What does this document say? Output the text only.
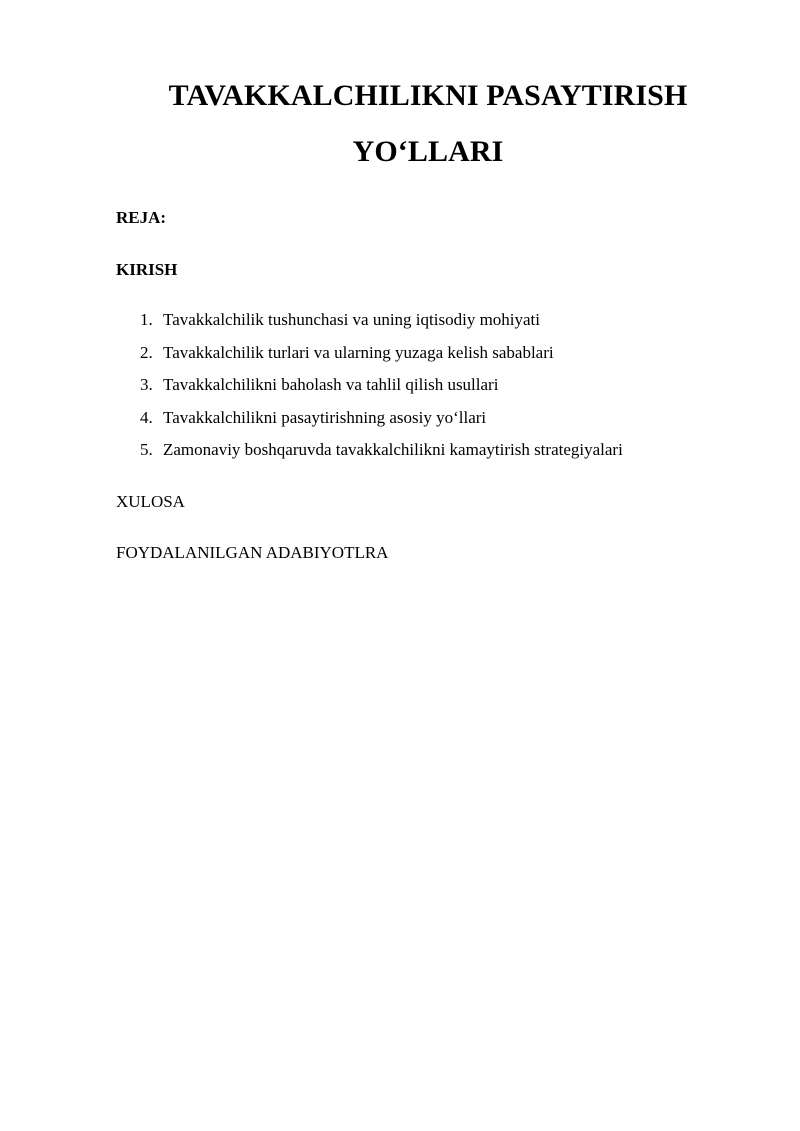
TAVAKKALCHILIKNI PASAYTIRISH
YO‘LLARI
REJA:
KIRISH
1. Tavakkalchilik tushunchasi va uning iqtisodiy mohiyati
2. Tavakkalchilik turlari va ularning yuzaga kelish sabablari
3. Tavakkalchilikni baholash va tahlil qilish usullari
4. Tavakkalchilikni pasaytirishning asosiy yo‘llari
5. Zamonaviy boshqaruvda tavakkalchilikni kamaytirish strategiyalari
XULOSA
FOYDALANILGAN ADABIYOTLRA
